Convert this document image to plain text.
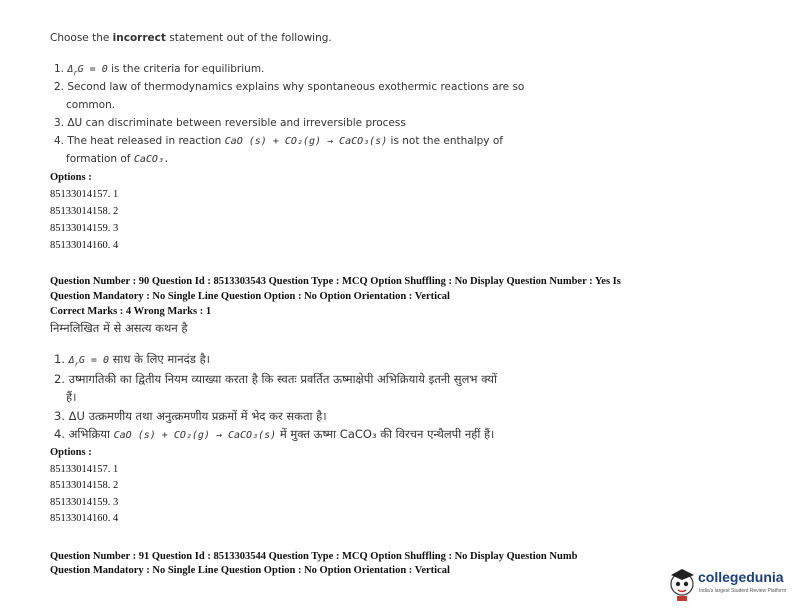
Choose the incorrect statement out of the following.
1. $\Delta_rG = 0$ is the criteria for equilibrium.
2. Second law of thermodynamics explains why spontaneous exothermic reactions are so
common.
3. ΔU can discriminate between reversible and irreversible process
4. The heat released in reaction CaO (s) + CO₂(g) → CaCO₃(s) is not the enthalpy of
formation of CaCO₃.
Options :
85133014157. 1
85133014158. 2
85133014159. 3
85133014160. 4
Question Number : 90 Question Id : 8513303543 Question Type : MCQ Option Shuffling : No Display Question Number : Yes Is
Question Mandatory : No Single Line Question Option : No Option Orientation : Vertical
Correct Marks : 4 Wrong Marks : 1
निम्नलिखित में से असत्य कथन है
1. $\Delta_rG = 0$ साध के लिए मानदंड है।
2. उष्मागतिकी का द्वितीय नियम व्याख्या करता है कि स्वतः प्रवर्तित ऊष्माक्षेपी अभिक्रियाये इतनी सुलभ क्यों
हैं।
3. ΔU उत्क्रमणीय तथा अनुत्क्रमणीय प्रक्रमों में भेद कर सकता है।
4. अभिक्रिया CaO (s) + CO₂(g) → CaCO₃(s) में मुक्त ऊष्मा CaCO₃ की विरचन एन्थैलपी नहीं हैं।
Options :
85133014157. 1
85133014158. 2
85133014159. 3
85133014160. 4
Question Number : 91 Question Id : 8513303544 Question Type : MCQ Option Shuffling : No Display Question Numb
Question Mandatory : No Single Line Question Option : No Option Orientation : Vertical	collegedunia
India's largest Student Review Platform
